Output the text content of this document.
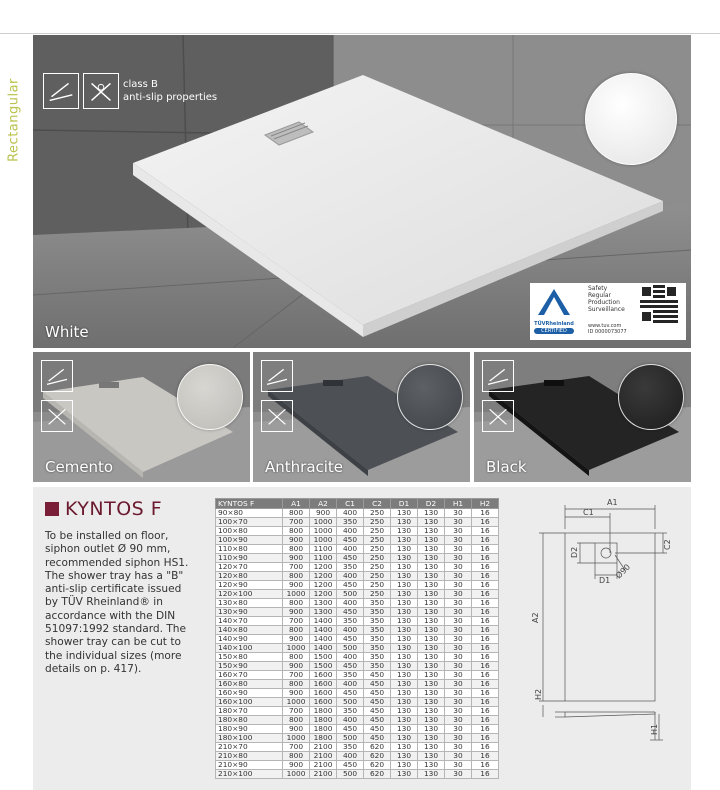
Rectangular	class B
anti-slip properties
White	TÜVRheinland
CERTIFIED
Safety
Regular
Production
Surveillance
www.tuv.com
ID 0000073077
Cemento	Anthracite	Black
KYNTOS F

To be installed on floor, siphon outlet Ø 90 mm, recommended siphon HS1. The shower tray has a "B" anti-slip certificate issued by TÜV Rheinland® in accordance with the DIN 51097:1992 standard. The shower tray can be cut to the individual sizes (more details on p. 417).

KYNTOS F	A1	A2	C1	C2	D1	D2	H1	H2
90×80	800	900	400	250	130	130	30	16
100×70	700	1000	350	250	130	130	30	16
100×80	800	1000	400	250	130	130	30	16
100×90	900	1000	450	250	130	130	30	16
110×80	800	1100	400	250	130	130	30	16
110×90	900	1100	450	250	130	130	30	16
120×70	700	1200	350	250	130	130	30	16
120×80	800	1200	400	250	130	130	30	16
120×90	900	1200	450	250	130	130	30	16
120×100	1000	1200	500	250	130	130	30	16
130×80	800	1300	400	350	130	130	30	16
130×90	900	1300	450	350	130	130	30	16
140×70	700	1400	350	350	130	130	30	16
140×80	800	1400	400	350	130	130	30	16
140×90	900	1400	450	350	130	130	30	16
140×100	1000	1400	500	350	130	130	30	16
150×80	800	1500	400	350	130	130	30	16
150×90	900	1500	450	350	130	130	30	16
160×70	700	1600	350	450	130	130	30	16
160×80	800	1600	400	450	130	130	30	16
160×90	900	1600	450	450	130	130	30	16
160×100	1000	1600	500	450	130	130	30	16
180×70	700	1800	350	450	130	130	30	16
180×80	800	1800	400	450	130	130	30	16
180×90	900	1800	450	450	130	130	30	16
180×100	1000	1800	500	450	130	130	30	16
210×70	700	2100	350	620	130	130	30	16
210×80	800	2100	400	620	130	130	30	16
210×90	900	2100	450	620	130	130	30	16
210×100	1000	2100	500	620	130	130	30	16
A1
C1
A2
C2
D2
D1
Ø90
H2
H1
